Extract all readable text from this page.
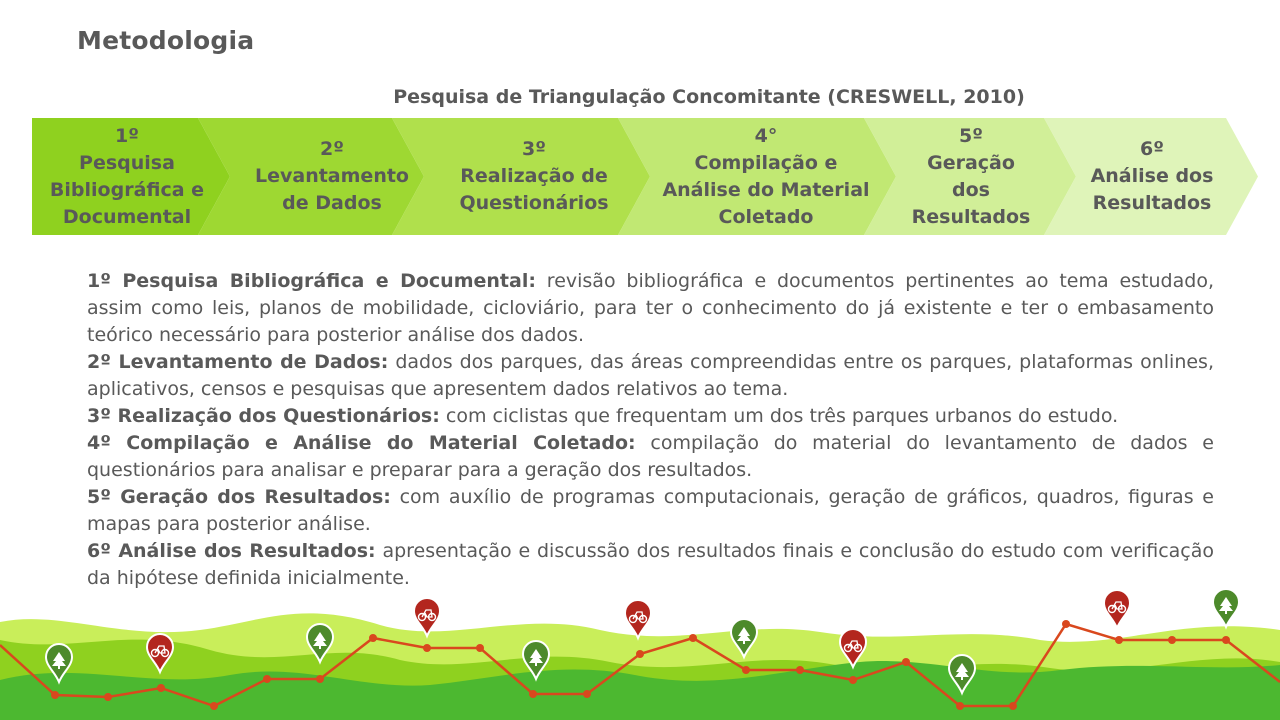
Metodologia
Pesquisa de Triangulação Concomitante (CRESWELL, 2010)
1º
Pesquisa Bibliográfica e Documental
2º
Levantamento de Dados
3º
Realização de Questionários
4°
Compilação e Análise do Material Coletado
5º
Geração dos Resultados
6º
Análise dos Resultados

1º Pesquisa Bibliográfica e Documental: revisão bibliográfica e documentos pertinentes ao tema estudado, assim como leis, planos de mobilidade, cicloviário, para ter o conhecimento do já existente e ter o embasamento teórico necessário para posterior análise dos dados.

2º Levantamento de Dados: dados dos parques, das áreas compreendidas entre os parques, plataformas onlines, aplicativos, censos e pesquisas que apresentem dados relativos ao tema.

3º Realização dos Questionários: com ciclistas que frequentam um dos três parques urbanos do estudo.

4º Compilação e Análise do Material Coletado: compilação do material do levantamento de dados e questionários para analisar e preparar para a geração dos resultados.

5º Geração dos Resultados: com auxílio de programas computacionais, geração de gráficos, quadros, figuras e mapas para posterior análise.

6º Análise dos Resultados: apresentação e discussão dos resultados finais e conclusão do estudo com verificação da hipótese definida inicialmente.
